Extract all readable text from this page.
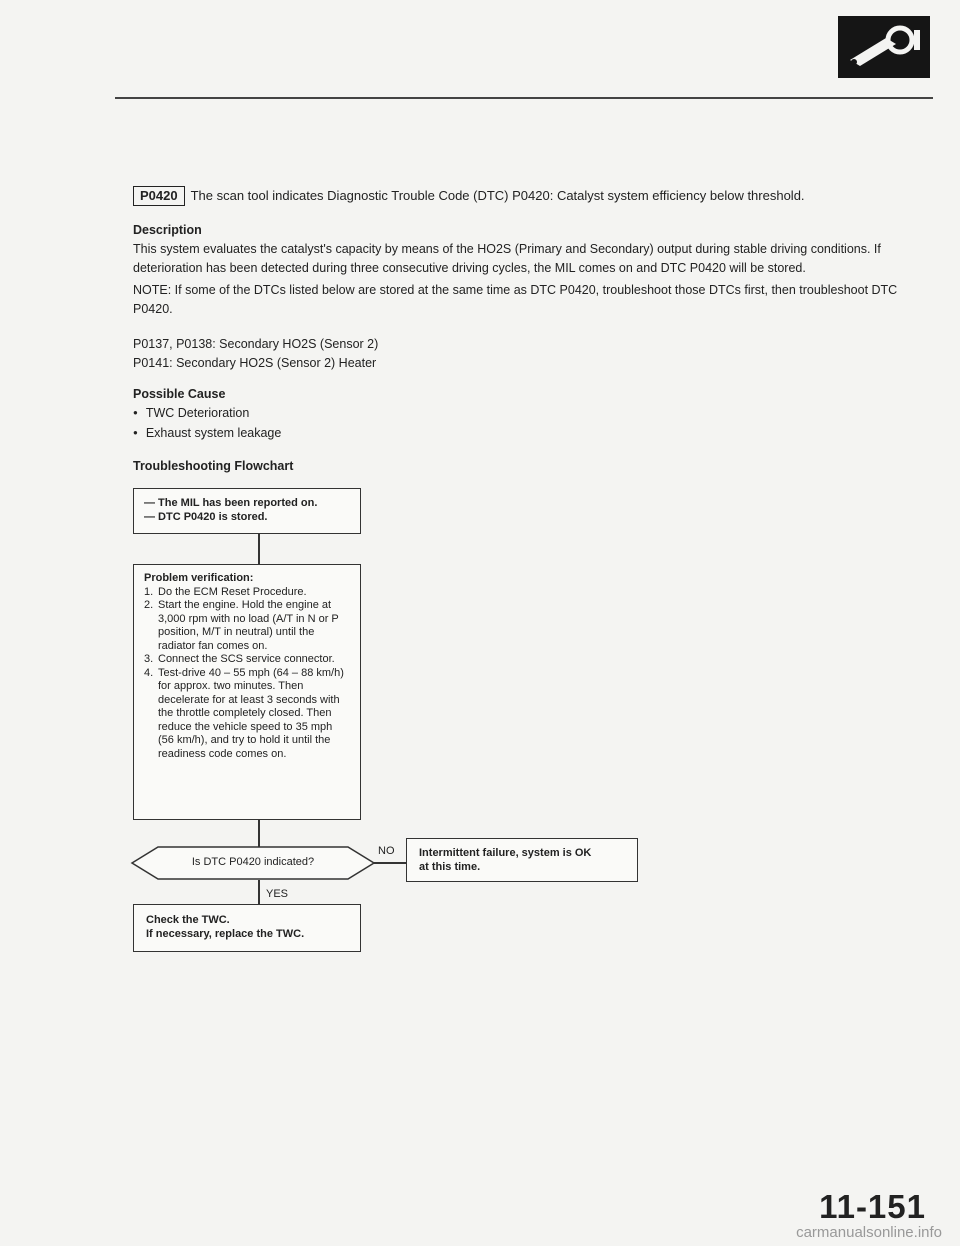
P0420 The scan tool indicates Diagnostic Trouble Code (DTC) P0420: Catalyst system efficiency below threshold.
Description
This system evaluates the catalyst's capacity by means of the HO2S (Primary and Secondary) output during stable driving conditions. If deterioration has been detected during three consecutive driving cycles, the MIL comes on and DTC P0420 will be stored.
NOTE: If some of the DTCs listed below are stored at the same time as DTC P0420, troubleshoot those DTCs first, then troubleshoot DTC P0420.
P0137, P0138: Secondary HO2S (Sensor 2)
P0141: Secondary HO2S (Sensor 2) Heater
Possible Cause
● TWC Deterioration
● Exhaust system leakage
Troubleshooting Flowchart
— The MIL has been reported on.
— DTC P0420 is stored.
Problem verification:
1. Do the ECM Reset Procedure.
2. Start the engine. Hold the engine at 3,000 rpm with no load (A/T in N or P position, M/T in neutral) until the radiator fan comes on.
3. Connect the SCS service connector.
4. Test-drive 40 – 55 mph (64 – 88 km/h) for approx. two minutes. Then decelerate for at least 3 seconds with the throttle completely closed. Then reduce the vehicle speed to 35 mph (56 km/h), and try to hold it until the readiness code comes on.
Is DTC P0420 indicated?
NO Intermittent failure, system is OK
at this time.
YES
Check the TWC.
If necessary, replace the TWC.
11-151
carmanualsonline.info
